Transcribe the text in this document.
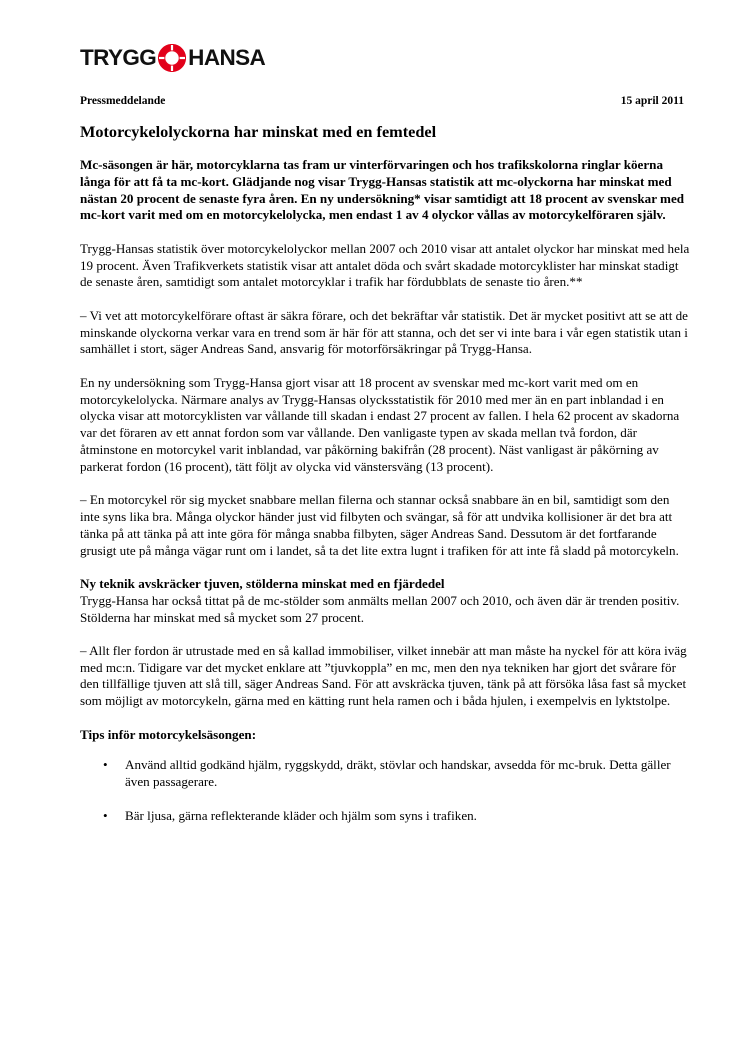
TRYGG HANSA
Pressmeddelande	15 april 2011
Motorcykelolyckorna har minskat med en femtedel

Mc-säsongen är här, motorcyklarna tas fram ur vinterförvaringen och hos trafikskolorna ringlar köerna långa för att få ta mc-kort. Glädjande nog visar Trygg-Hansas statistik att mc-olyckorna har minskat med nästan 20 procent de senaste fyra åren. En ny undersökning* visar samtidigt att 18 procent av svenskar med mc-kort varit med om en motorcykelolycka, men endast 1 av 4 olyckor vållas av motorcykelföraren själv.

Trygg-Hansas statistik över motorcykelolyckor mellan 2007 och 2010 visar att antalet olyckor har minskat med hela 19 procent. Även Trafikverkets statistik visar att antalet döda och svårt skadade motorcyklister har minskat stadigt de senaste åren, samtidigt som antalet motorcyklar i trafik har fördubblats de senaste tio åren.**

– Vi vet att motorcykelförare oftast är säkra förare, och det bekräftar vår statistik. Det är mycket positivt att se att de minskande olyckorna verkar vara en trend som är här för att stanna, och det ser vi inte bara i vår egen statistik utan i samhället i stort, säger Andreas Sand, ansvarig för motorförsäkringar på Trygg-Hansa.

En ny undersökning som Trygg-Hansa gjort visar att 18 procent av svenskar med mc-kort varit med om en motorcykelolycka. Närmare analys av Trygg-Hansas olycksstatistik för 2010 med mer än en part inblandad i en olycka visar att motorcyklisten var vållande till skadan i endast 27 procent av fallen. I hela 62 procent av skadorna var det föraren av ett annat fordon som var vållande. Den vanligaste typen av skada mellan två fordon, där åtminstone en motorcykel varit inblandad, var påkörning bakifrån (28 procent). Näst vanligast är påkörning av parkerat fordon (16 procent), tätt följt av olycka vid vänstersväng (13 procent).

– En motorcykel rör sig mycket snabbare mellan filerna och stannar också snabbare än en bil, samtidigt som den inte syns lika bra. Många olyckor händer just vid filbyten och svängar, så för att undvika kollisioner är det bra att tänka på att tänka på att inte göra för många snabba filbyten, säger Andreas Sand. Dessutom är det fortfarande grusigt ute på många vägar runt om i landet, så ta det lite extra lugnt i trafiken för att inte få sladd på motorcykeln.

Ny teknik avskräcker tjuven, stölderna minskat med en fjärdedel

Trygg-Hansa har också tittat på de mc-stölder som anmälts mellan 2007 och 2010, och även där är trenden positiv. Stölderna har minskat med så mycket som 27 procent.

– Allt fler fordon är utrustade med en så kallad immobiliser, vilket innebär att man måste ha nyckel för att köra iväg med mc:n. Tidigare var det mycket enklare att ”tjuvkoppla” en mc, men den nya tekniken har gjort det svårare för den tillfällige tjuven att slå till, säger Andreas Sand. För att avskräcka tjuven, tänk på att försöka låsa fast så mycket som möjligt av motorcykeln, gärna med en kätting runt hela ramen och i båda hjulen, i exempelvis en lyktstolpe.

Tips inför motorcykelsäsongen:

• Använd alltid godkänd hjälm, ryggskydd, dräkt, stövlar och handskar, avsedda för mc-bruk. Detta gäller även passagerare.
• Bär ljusa, gärna reflekterande kläder och hjälm som syns i trafiken.
